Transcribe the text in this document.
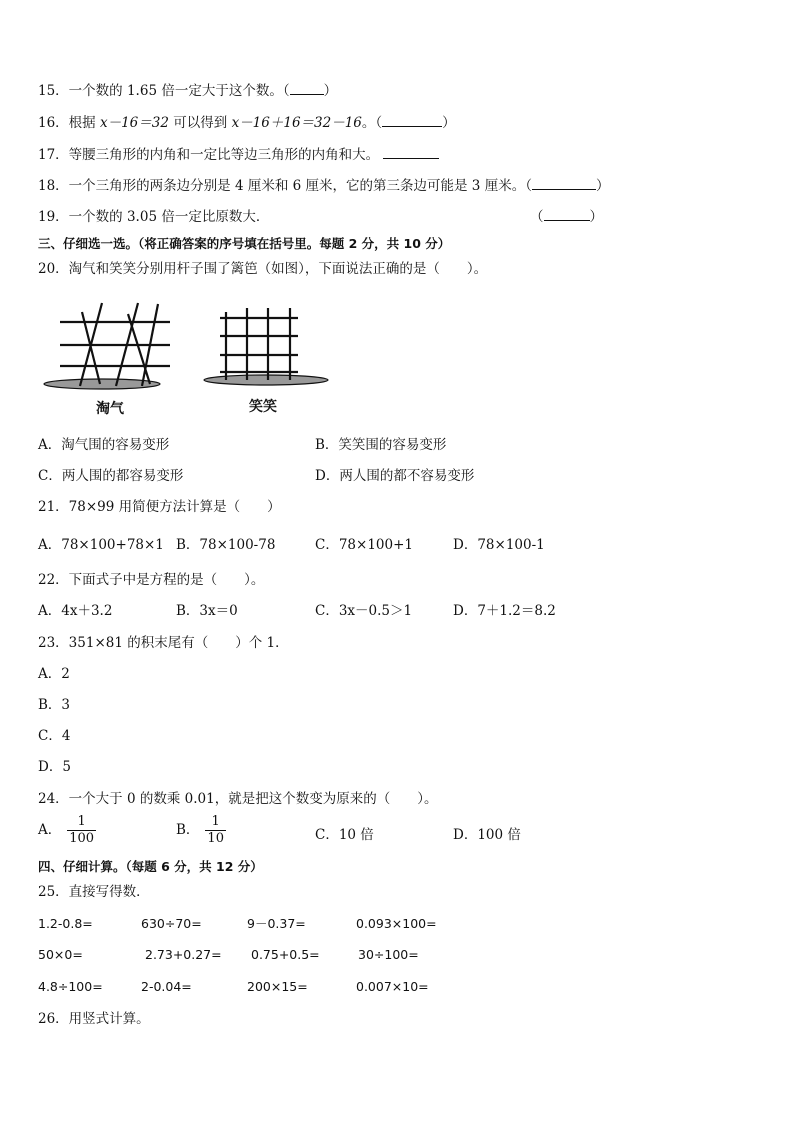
15．一个数的 1.65 倍一定大于这个数。（	）
16．根据 x－16＝32 可以得到 x－16＋16＝32－16。（	）
17．等腰三角形的内角和一定比等边三角形的内角和大。
18．一个三角形的两条边分别是 4 厘米和 6 厘米，它的第三条边可能是 3 厘米。（	）
19．一个数的 3.05 倍一定比原数大．	（	）
三、仔细选一选。（将正确答案的序号填在括号里。每题 2 分，共 10 分）
20．淘气和笑笑分别用杆子围了篱笆（如图），下面说法正确的是（　　）。
淘气	笑笑
A．淘气围的容易变形	B．笑笑围的容易变形
C．两人围的都容易变形	D．两人围的都不容易变形
21．78×99 用简便方法计算是（　　）
A．78×100+78×1 B．78×100-78	C．78×100+1	D．78×100-1
22．下面式子中是方程的是（　　）。
A．4x＋3.2	B．3x＝0	C．3x－0.5＞1	D．7＋1.2＝8.2
23．351×81 的积末尾有（　　）个 1．
A．2
B．3
C．4
D．5
24．一个大于 0 的数乘 0.01，就是把这个数变为原来的（　　）。
A． $\frac{1}{100}$	B． $\frac{1}{10}$	C．10 倍	D．100 倍
四、仔细计算。（每题 6 分，共 12 分）
25．直接写得数．
1.2-0.8=	630÷70=	9－0.37=	0.093×100=
50×0=	2.73+0.27= 0.75+0.5=	30÷100=
4.8÷100=	2-0.04=	200×15=	0.007×10=
26．用竖式计算。
